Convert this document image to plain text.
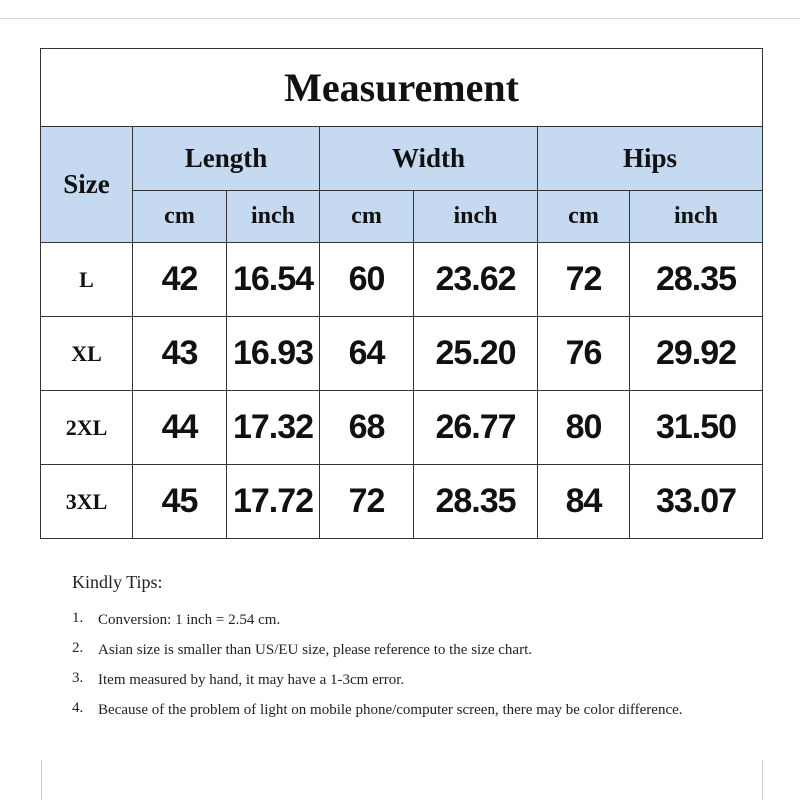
Measurement						
Size	Length		Width		Hips	
	cm	inch	cm	inch	cm	inch
L	42	16.54	60	23.62	72	28.35
XL	43	16.93	64	25.20	76	29.92
2XL	44	17.32	68	26.77	80	31.50
3XL	45	17.72	72	28.35	84	33.07

Kindly Tips:

1. Conversion: 1 inch = 2.54 cm.
2. Asian size is smaller than US/EU size, please reference to the size chart.
3. Item measured by hand, it may have a 1-3cm error.
4. Because of the problem of light on mobile phone/computer screen, there may be color difference.
